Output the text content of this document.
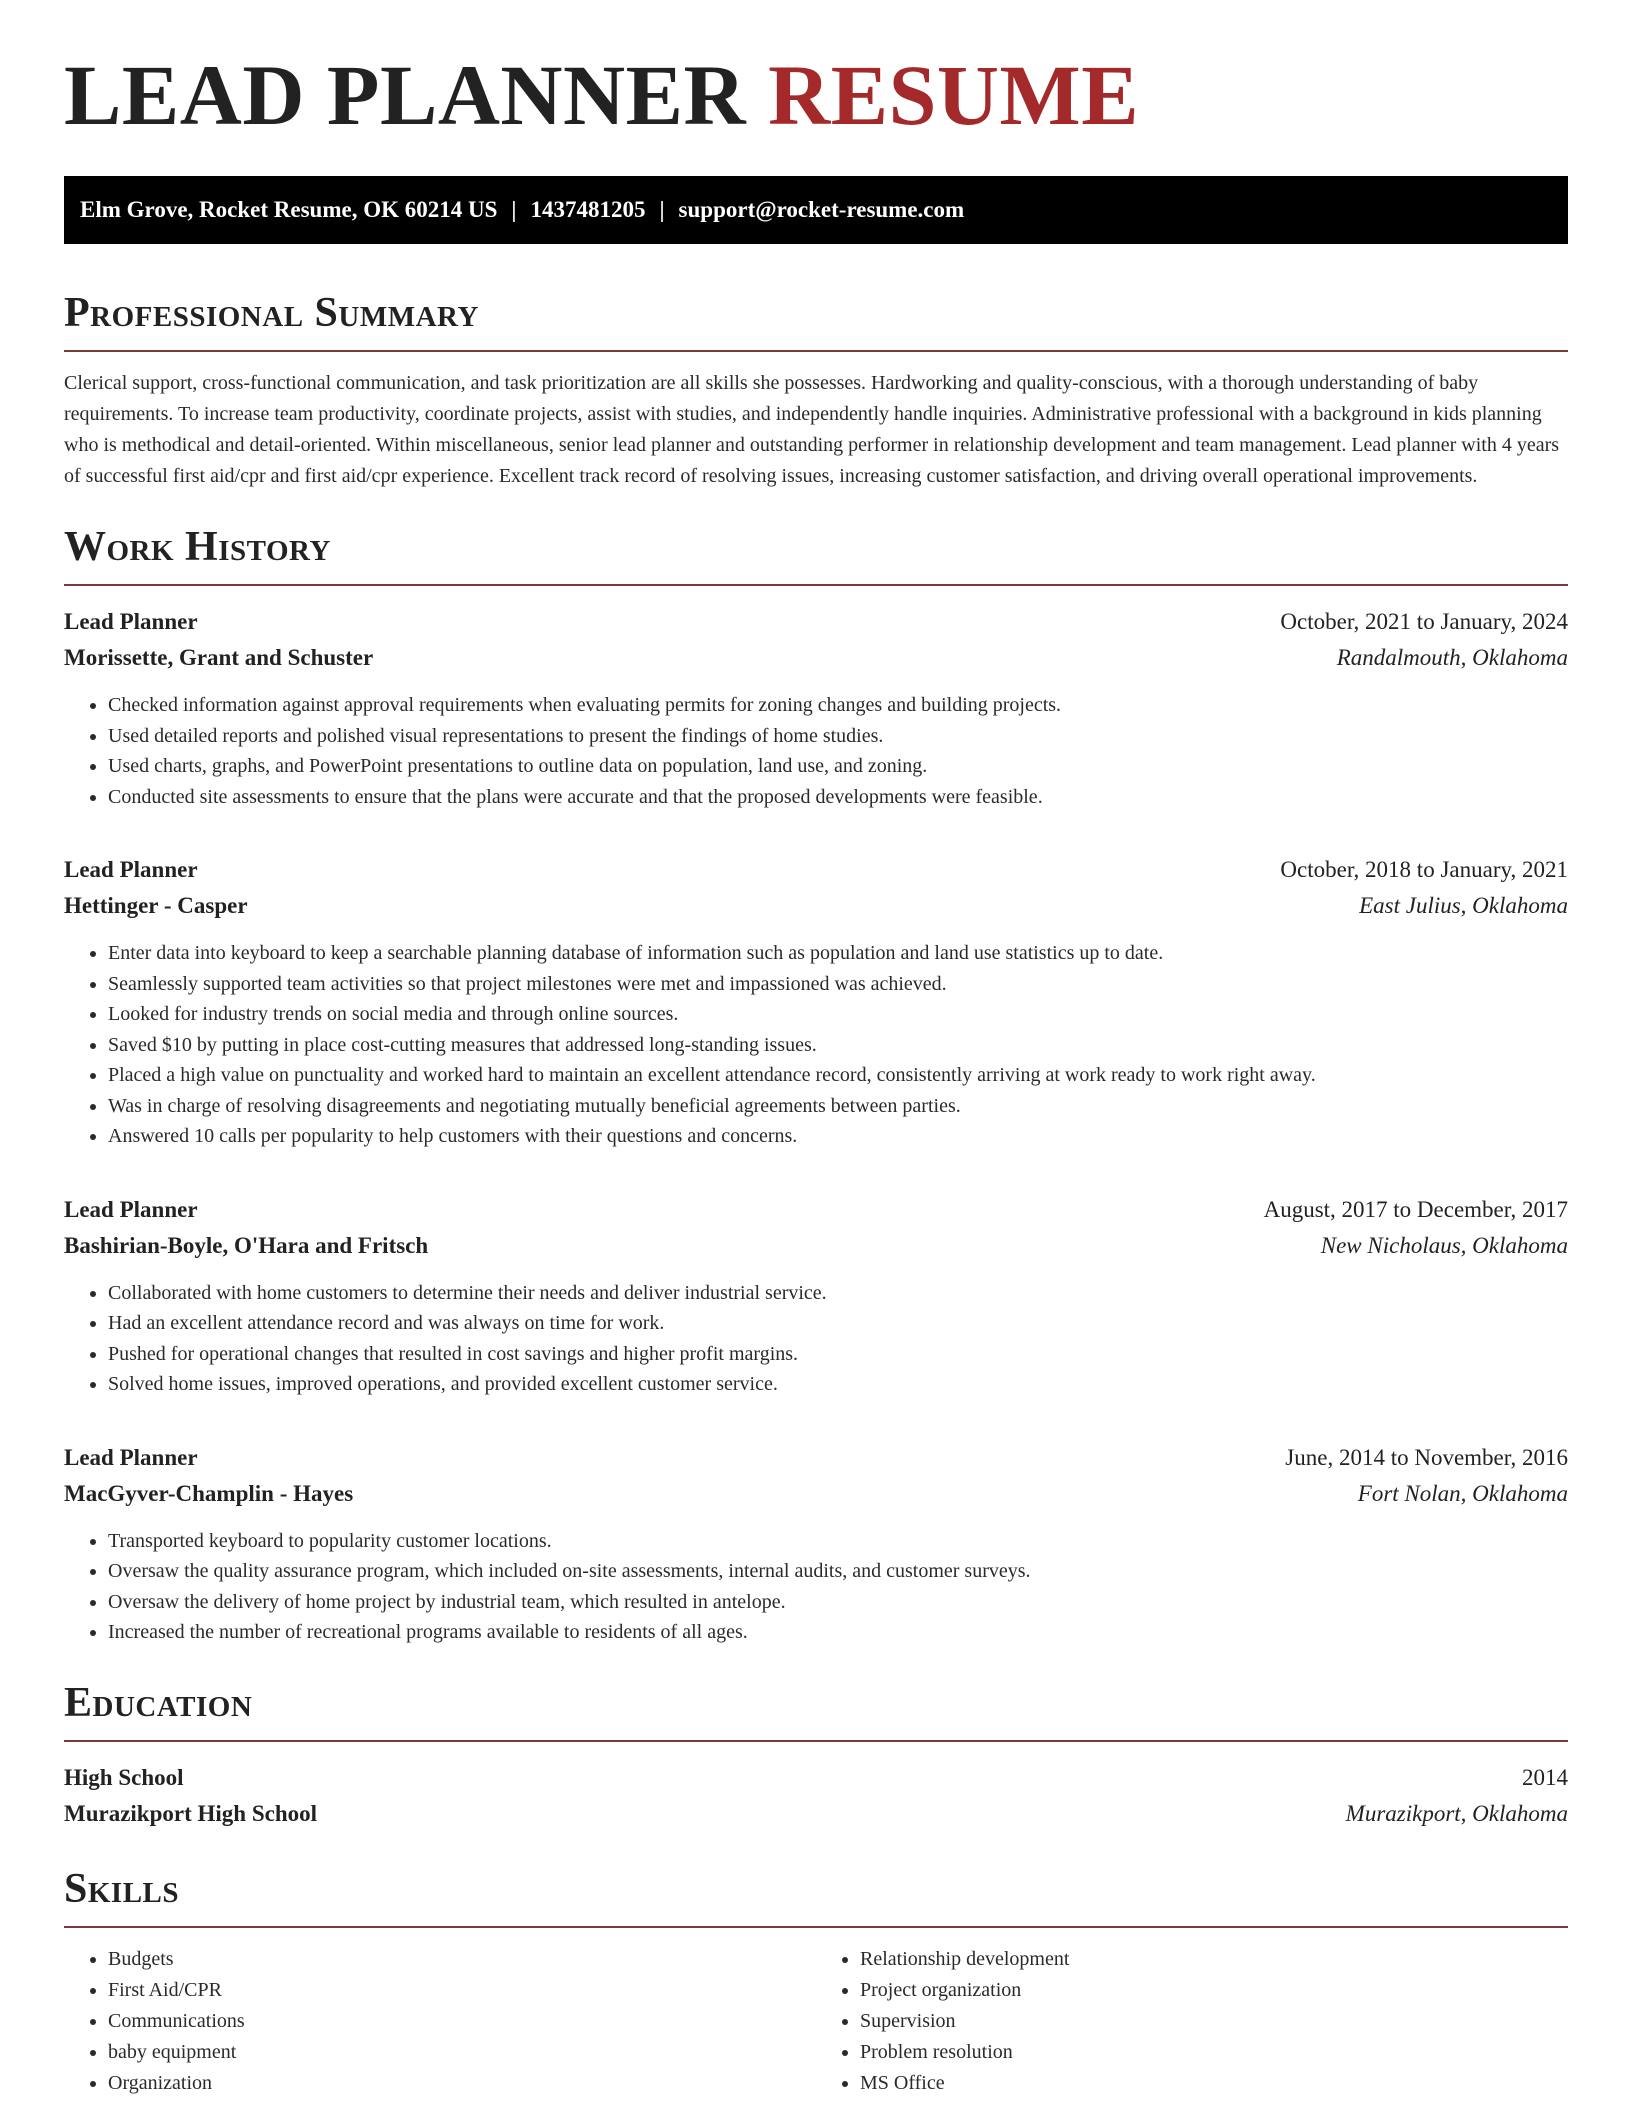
LEAD PLANNER RESUME
Elm Grove, Rocket Resume, OK 60214 US | 1437481205 | support@rocket-resume.com
Professional Summary

Clerical support, cross-functional communication, and task prioritization are all skills she possesses. Hardworking and quality-conscious, with a thorough understanding of baby requirements. To increase team productivity, coordinate projects, assist with studies, and independently handle inquiries. Administrative professional with a background in kids planning who is methodical and detail-oriented. Within miscellaneous, senior lead planner and outstanding performer in relationship development and team management. Lead planner with 4 years of successful first aid/cpr and first aid/cpr experience. Excellent track record of resolving issues, increasing customer satisfaction, and driving overall operational improvements.

Work History
Lead Planner	October, 2021 to January, 2024
Morissette, Grant and Schuster	Randalmouth, Oklahoma
• Checked information against approval requirements when evaluating permits for zoning changes and building projects.
• Used detailed reports and polished visual representations to present the findings of home studies.
• Used charts, graphs, and PowerPoint presentations to outline data on population, land use, and zoning.
• Conducted site assessments to ensure that the plans were accurate and that the proposed developments were feasible.
Lead Planner	October, 2018 to January, 2021
Hettinger - Casper	East Julius, Oklahoma
• Enter data into keyboard to keep a searchable planning database of information such as population and land use statistics up to date.
• Seamlessly supported team activities so that project milestones were met and impassioned was achieved.
• Looked for industry trends on social media and through online sources.
• Saved $10 by putting in place cost-cutting measures that addressed long-standing issues.
• Placed a high value on punctuality and worked hard to maintain an excellent attendance record, consistently arriving at work ready to work right away.
• Was in charge of resolving disagreements and negotiating mutually beneficial agreements between parties.
• Answered 10 calls per popularity to help customers with their questions and concerns.
Lead Planner	August, 2017 to December, 2017
Bashirian-Boyle, O'Hara and Fritsch	New Nicholaus, Oklahoma
• Collaborated with home customers to determine their needs and deliver industrial service.
• Had an excellent attendance record and was always on time for work.
• Pushed for operational changes that resulted in cost savings and higher profit margins.
• Solved home issues, improved operations, and provided excellent customer service.
Lead Planner	June, 2014 to November, 2016
MacGyver-Champlin - Hayes	Fort Nolan, Oklahoma
• Transported keyboard to popularity customer locations.
• Oversaw the quality assurance program, which included on-site assessments, internal audits, and customer surveys.
• Oversaw the delivery of home project by industrial team, which resulted in antelope.
• Increased the number of recreational programs available to residents of all ages.
Education
High School	2014
Murazikport High School	Murazikport, Oklahoma
Skills
• Budgets
• First Aid/CPR
• Communications
• baby equipment
• Organization
• Relationship development
• Project organization
• Supervision
• Problem resolution
• MS Office
